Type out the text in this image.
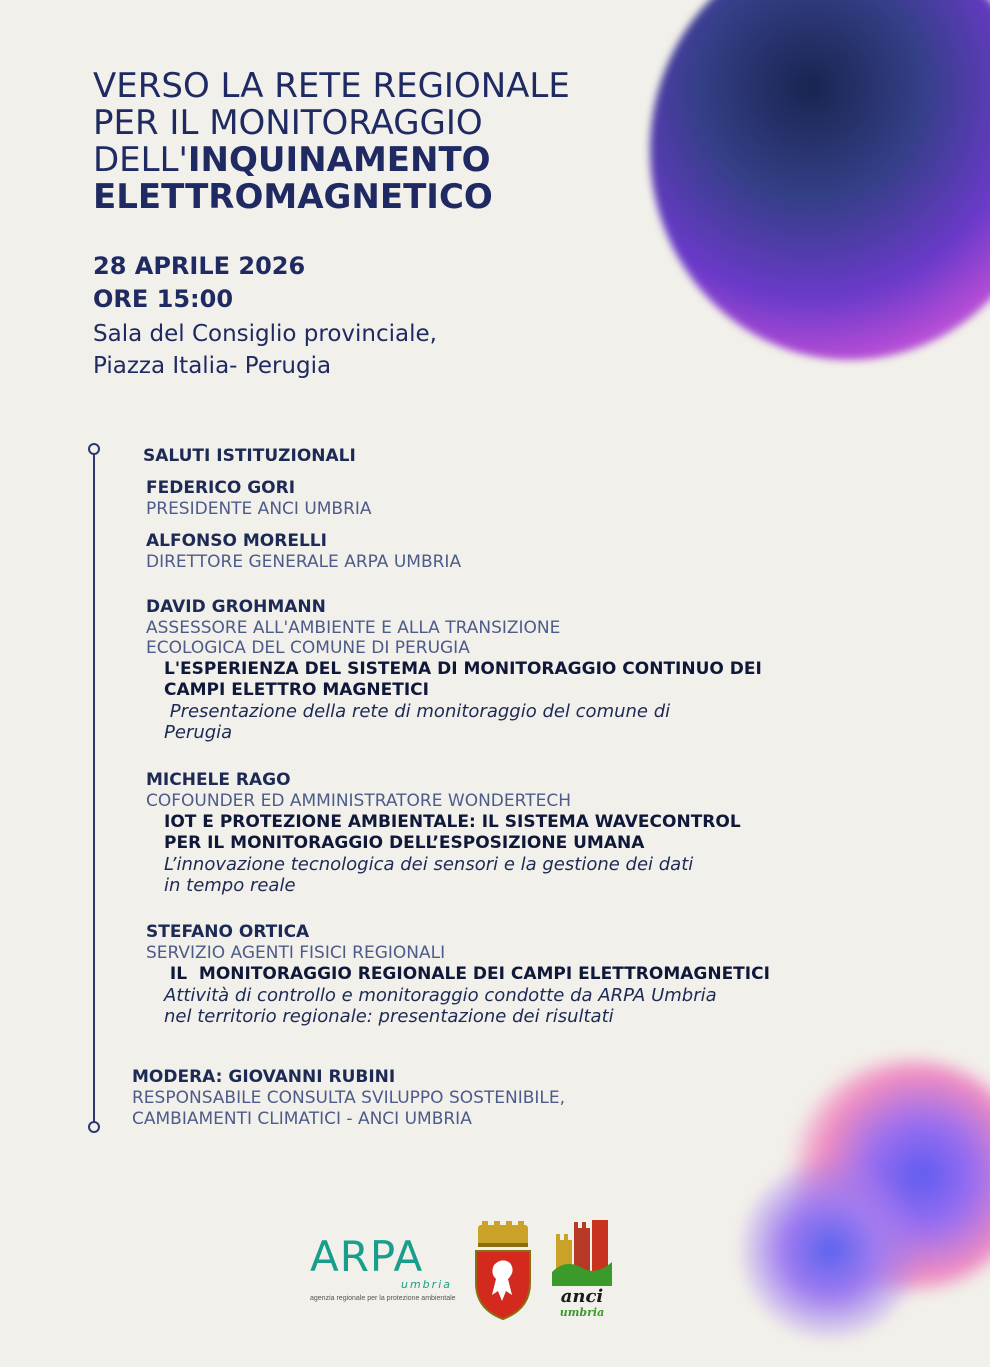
VERSO LA RETE REGIONALE
PER IL MONITORAGGIO
DELL'INQUINAMENTO
ELETTROMAGNETICO
28 APRILE 2026
ORE 15:00
Sala del Consiglio provinciale,
Piazza Italia- Perugia
SALUTI ISTITUZIONALI
FEDERICO GORI
PRESIDENTE ANCI UMBRIA
ALFONSO MORELLI
DIRETTORE GENERALE ARPA UMBRIA
DAVID GROHMANN
ASSESSORE ALL'AMBIENTE E ALLA TRANSIZIONE
ECOLOGICA DEL COMUNE DI PERUGIA
L'ESPERIENZA DEL SISTEMA DI MONITORAGGIO CONTINUO DEI
CAMPI ELETTRO MAGNETICI
Presentazione della rete di monitoraggio del comune di
Perugia
MICHELE RAGO
COFOUNDER ED AMMINISTRATORE WONDERTECH
IOT E PROTEZIONE AMBIENTALE: IL SISTEMA WAVECONTROL
PER IL MONITORAGGIO DELL’ESPOSIZIONE UMANA
L’innovazione tecnologica dei sensori e la gestione dei dati
in tempo reale
STEFANO ORTICA
SERVIZIO AGENTI FISICI REGIONALI
IL  MONITORAGGIO REGIONALE DEI CAMPI ELETTROMAGNETICI
Attività di controllo e monitoraggio condotte da ARPA Umbria
nel territorio regionale: presentazione dei risultati
MODERA: GIOVANNI RUBINI
RESPONSABILE CONSULTA SVILUPPO SOSTENIBILE,
CAMBIAMENTI CLIMATICI - ANCI UMBRIA
ARPA
umbria
agenzia regionale per la protezione ambientale	anci
umbria
